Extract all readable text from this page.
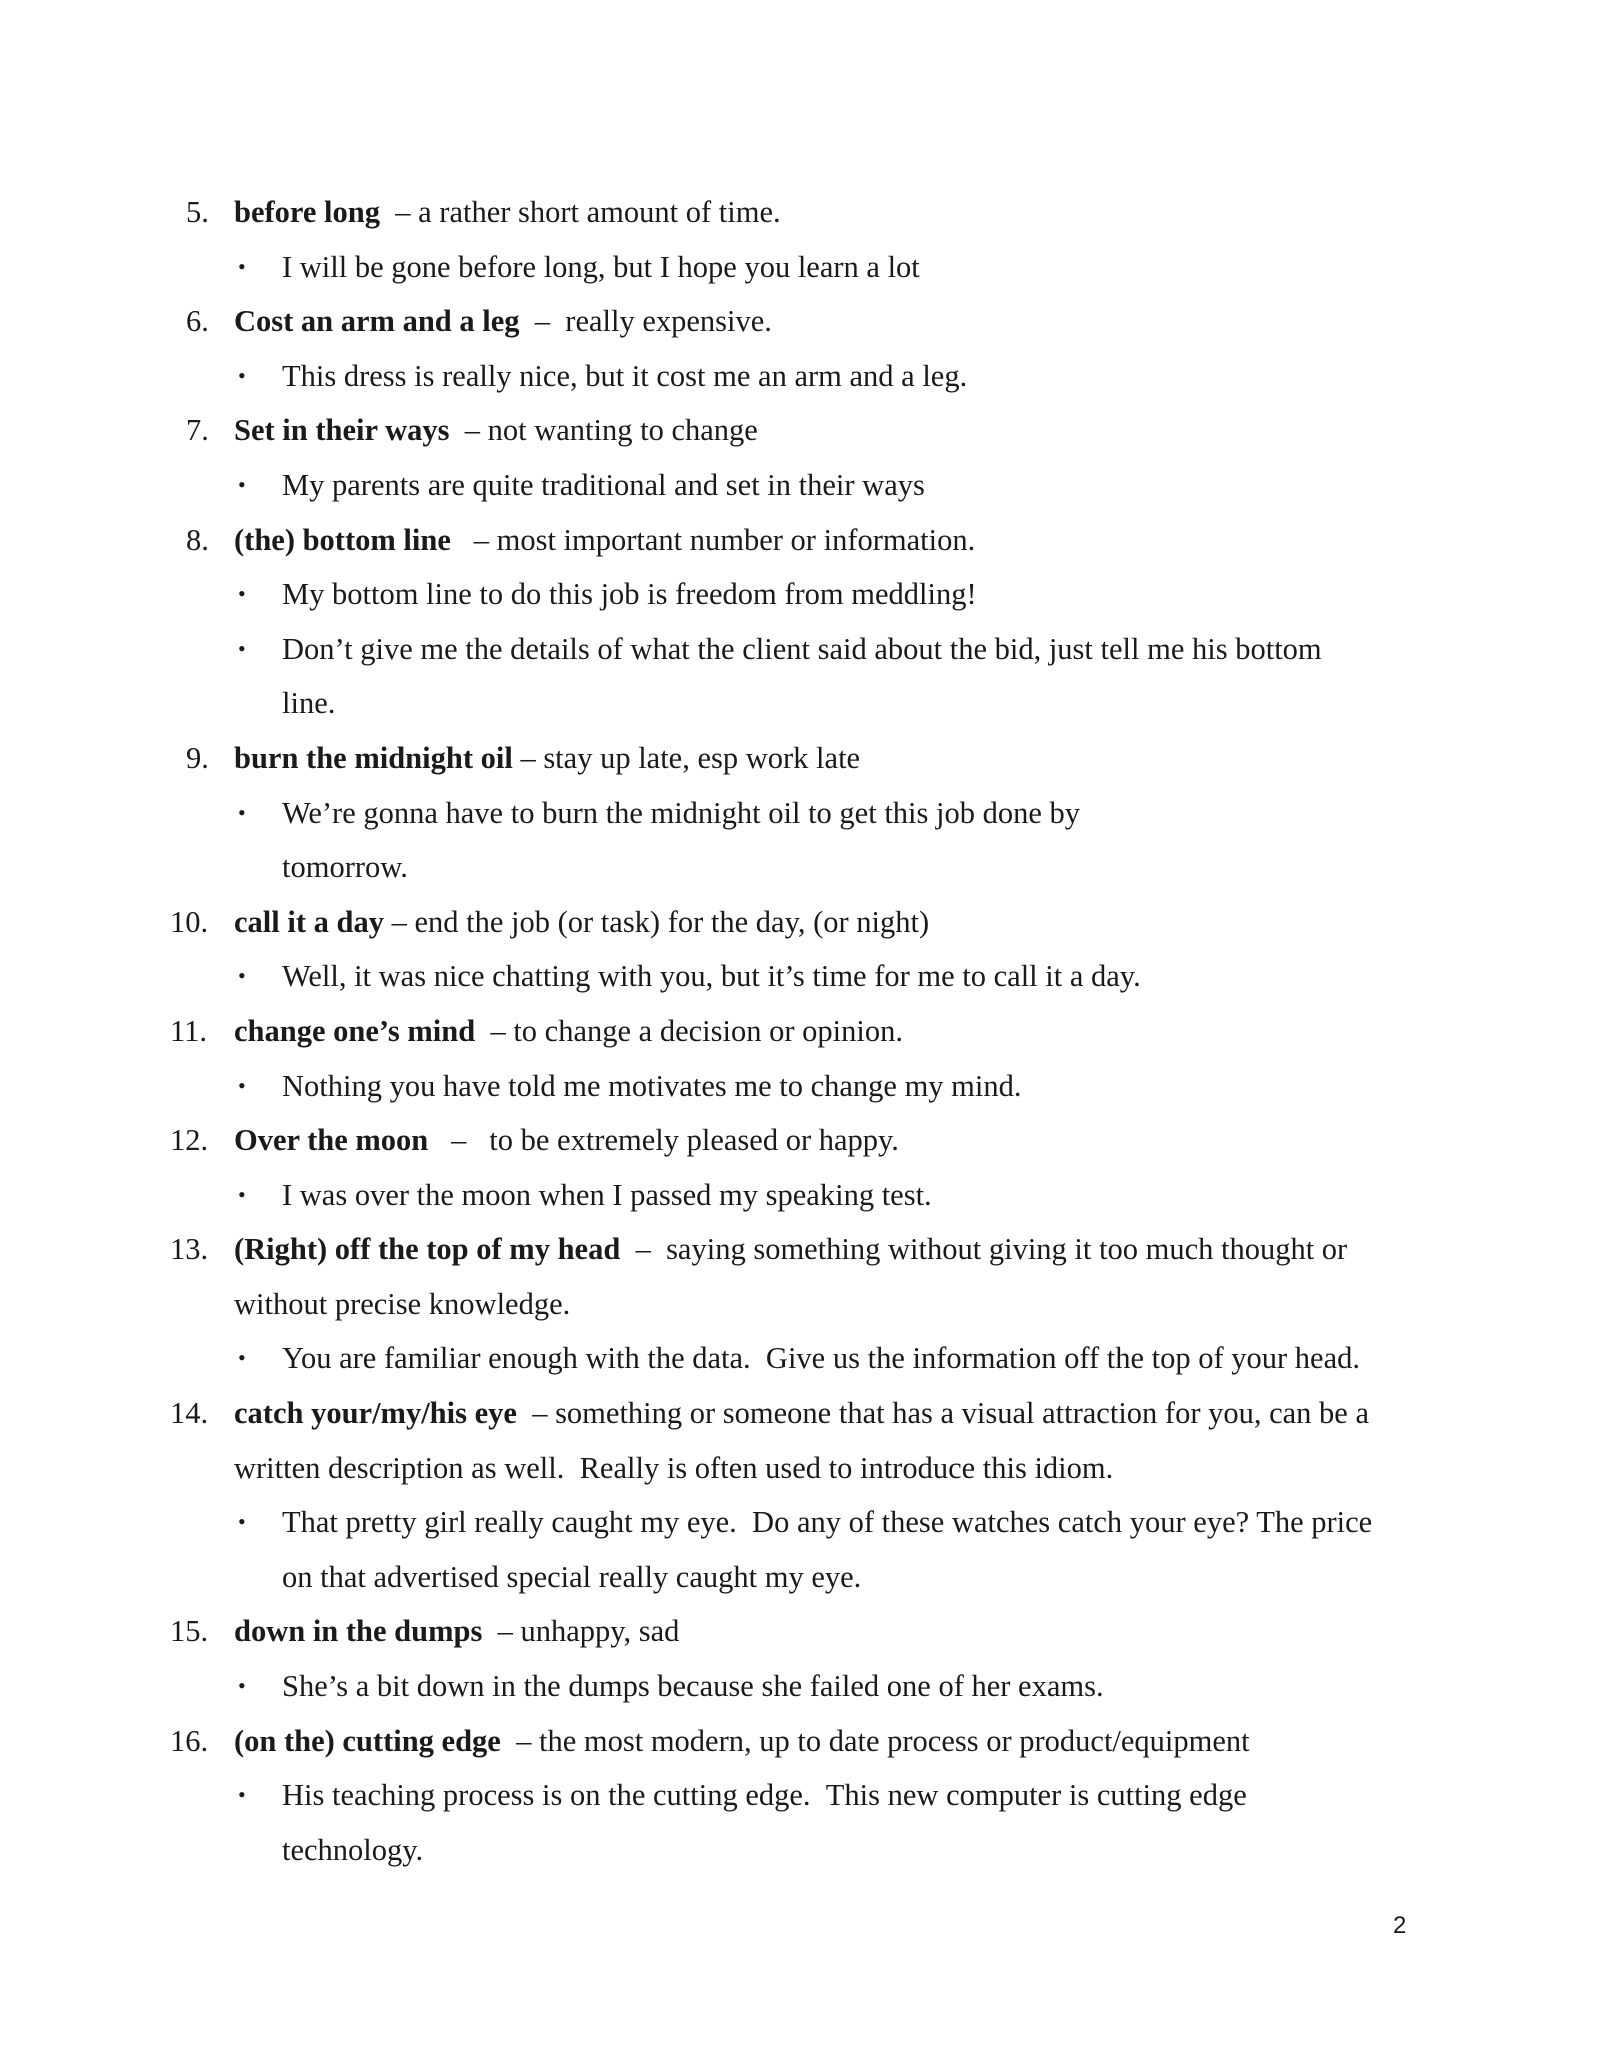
5. before long  – a rather short amount of time.
• I will be gone before long, but I hope you learn a lot
6. Cost an arm and a leg  –  really expensive.
• This dress is really nice, but it cost me an arm and a leg.
7. Set in their ways  – not wanting to change
• My parents are quite traditional and set in their ways
8. (the) bottom line   – most important number or information.
• My bottom line to do this job is freedom from meddling!
• Don’t give me the details of what the client said about the bid, just tell me his bottom
line.
9. burn the midnight oil – stay up late, esp work late
• We’re gonna have to burn the midnight oil to get this job done by
tomorrow.
10. call it a day – end the job (or task) for the day, (or night)
• Well, it was nice chatting with you, but it’s time for me to call it a day.
11. change one’s mind  – to change a decision or opinion.
• Nothing you have told me motivates me to change my mind.
12. Over the moon   –   to be extremely pleased or happy.
• I was over the moon when I passed my speaking test.
13. (Right) off the top of my head  –  saying something without giving it too much thought or
without precise knowledge.
• You are familiar enough with the data.  Give us the information off the top of your head.
14. catch your/my/his eye  – something or someone that has a visual attraction for you, can be a
written description as well.  Really is often used to introduce this idiom.
• That pretty girl really caught my eye.  Do any of these watches catch your eye? The price
on that advertised special really caught my eye.
15. down in the dumps  – unhappy, sad
• She’s a bit down in the dumps because she failed one of her exams.
16. (on the) cutting edge  – the most modern, up to date process or product/equipment
• His teaching process is on the cutting edge.  This new computer is cutting edge
technology.
2
